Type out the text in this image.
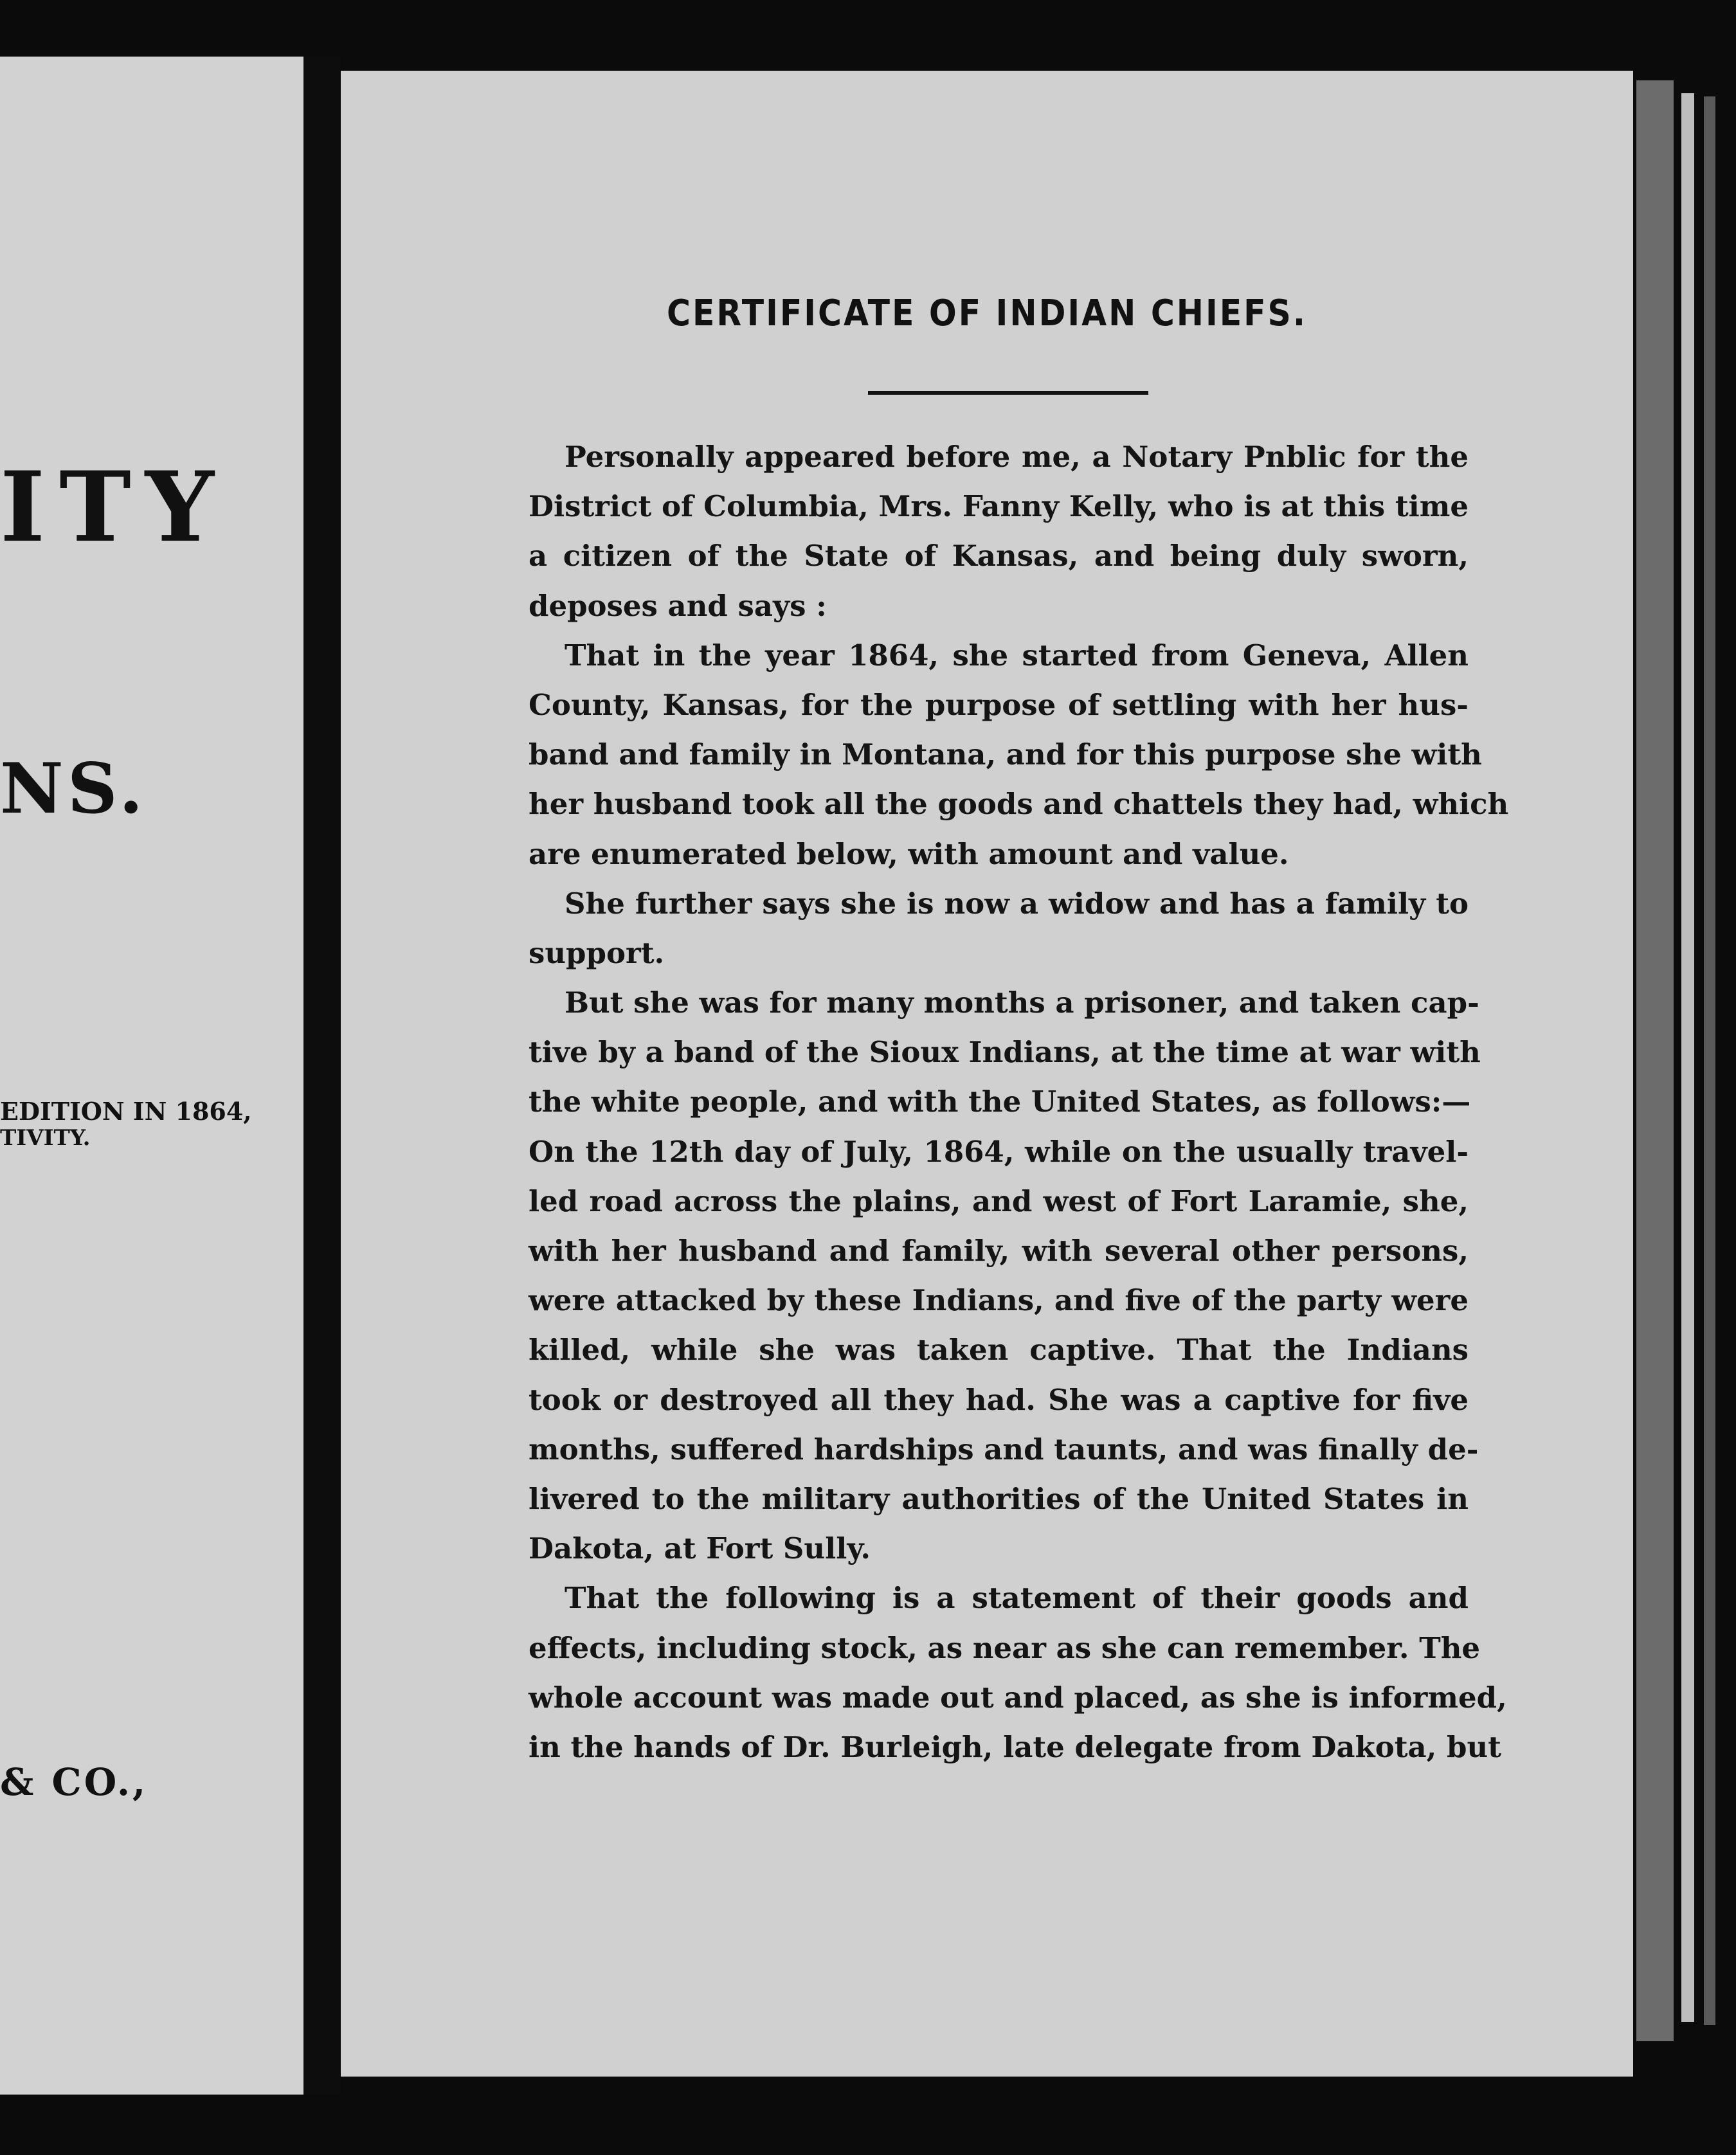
ITY
NS.
EDITION IN 1864,
TIVITY.
& CO.,
CERTIFICATE OF INDIAN CHIEFS.
Personally appeared before me, a Notary Pnblic for the
District of Columbia, Mrs. Fanny Kelly, who is at this time
a citizen of the State of Kansas, and being duly sworn,
deposes and says :
That in the year 1864, she started from Geneva, Allen
County, Kansas, for the purpose of settling with her hus-
band and family in Montana, and for this purpose she with
her husband took all the goods and chattels they had, which
are enumerated below, with amount and value.
She further says she is now a widow and has a family to
support.
But she was for many months a prisoner, and taken cap-
tive by a band of the Sioux Indians, at the time at war with
the white people, and with the United States, as follows:—
On the 12th day of July, 1864, while on the usually travel-
led road across the plains, and west of Fort Laramie, she,
with her husband and family, with several other persons,
were attacked by these Indians, and five of the party were
killed, while she was taken captive. That the Indians
took or destroyed all they had. She was a captive for five
months, suffered hardships and taunts, and was finally de-
livered to the military authorities of the United States in
Dakota, at Fort Sully.
That the following is a statement of their goods and
effects, including stock, as near as she can remember. The
whole account was made out and placed, as she is informed,
in the hands of Dr. Burleigh, late delegate from Dakota, but
